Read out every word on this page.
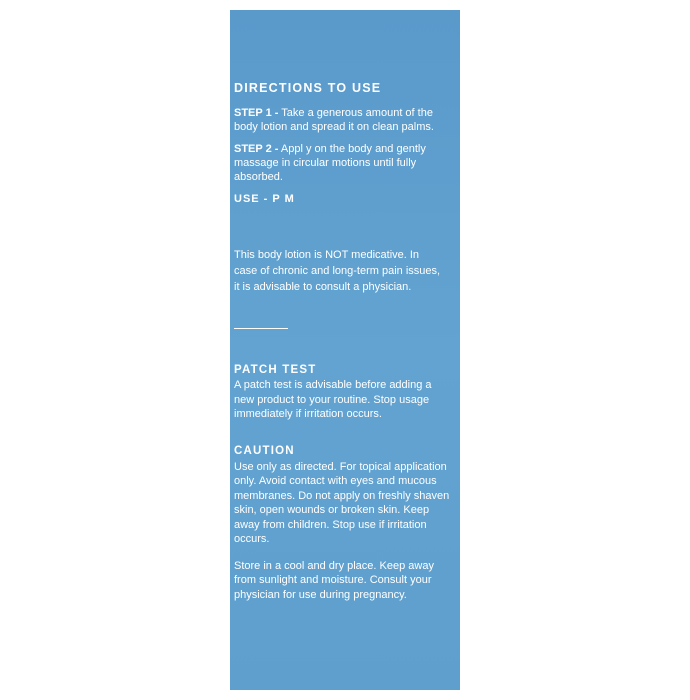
DIRECTIONS TO USE

STEP 1 - Take a generous amount of the body lotion and spread it on clean palms.

STEP 2 - Appl y on the body and gently massage in circular motions until fully absorbed.

USE - P M

This body lotion is NOT medicative. In case of chronic and long-term pain issues, it is advisable to consult a physician.

PATCH TEST

A patch test is advisable before adding a new product to your routine. Stop usage immediately if irritation occurs.

CAUTION

Use only as directed. For topical application only. Avoid contact with eyes and mucous membranes. Do not apply on freshly shaven skin, open wounds or broken skin. Keep away from children. Stop use if irritation occurs.

Store in a cool and dry place. Keep away from sunlight and moisture. Consult your physician for use during pregnancy.
